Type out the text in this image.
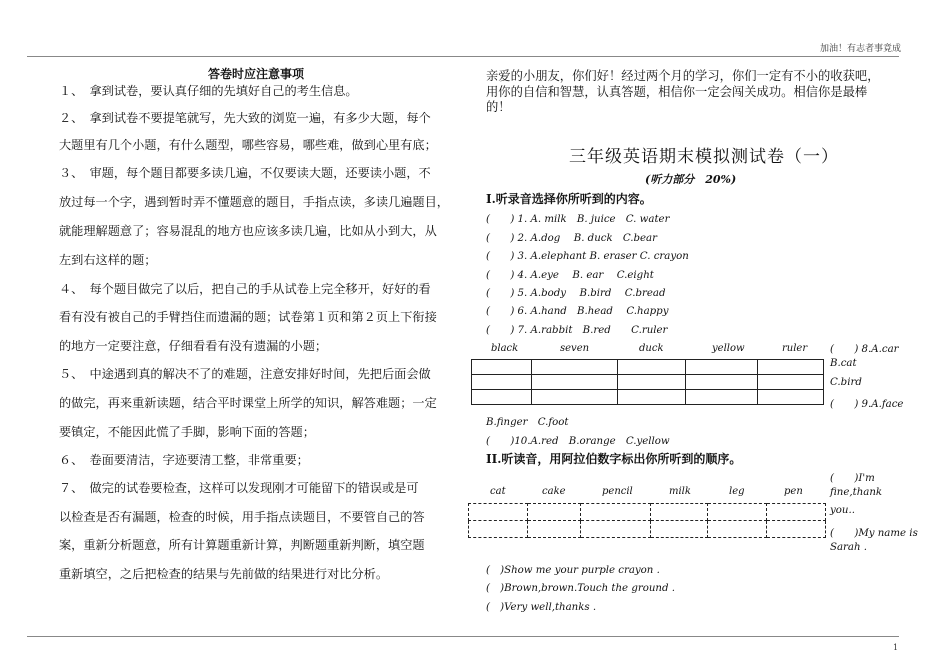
加油！有志者事竟成
1
答卷时应注意事项
１、　拿到试卷，要认真仔细的先填好自己的考生信息。
２、　拿到试卷不要提笔就写，先大致的浏览一遍，有多少大题，每个
大题里有几个小题，有什么题型，哪些容易，哪些难，做到心里有底；
３、　审题，每个题目都要多读几遍，不仅要读大题，还要读小题，不
放过每一个字，遇到暂时弄不懂题意的题目，手指点读，多读几遍题目，
就能理解题意了；容易混乱的地方也应该多读几遍，比如从小到大，从
左到右这样的题；
４、　每个题目做完了以后，把自己的手从试卷上完全移开，好好的看
看有没有被自己的手臂挡住而遗漏的题；试卷第１页和第２页上下衔接
的地方一定要注意，仔细看看有没有遗漏的小题；
５、　中途遇到真的解决不了的难题，注意安排好时间，先把后面会做
的做完，再来重新读题，结合平时课堂上所学的知识，解答难题；一定
要镇定，不能因此慌了手脚，影响下面的答题；
６、　卷面要清洁，字迹要清工整，非常重要；
７、　做完的试卷要检查，这样可以发现刚才可能留下的错误或是可
以检查是否有漏题，检查的时候，用手指点读题目，不要管自己的答
案，重新分析题意，所有计算题重新计算，判断题重新判断，填空题
重新填空，之后把检查的结果与先前做的结果进行对比分析。
亲爱的小朋友，你们好！经过两个月的学习，你们一定有不小的收获吧，
用你的自信和智慧，认真答题，相信你一定会闯关成功。相信你是最棒
的！
三年级英语期末模拟测试卷（一）
(听力部分　20%)
I.听录音选择你所听到的内容。
(　　) 1. A. milk　B. juice　C. water
(　　) 2. A.dog　 B. duck　C.bear
(　　) 3. A.elephant B. eraser C. crayon
(　　) 4. A.eye　 B. ear　 C.eight
(　　) 5. A.body　 B.bird　 C.bread
(　　) 6. A.hand　B.head　 C.happy
(　　) 7. A.rabbit　B.red　　C.ruler
black	seven	duck	yellow	ruler

				(　　) 8.A.car
B.cat
C.bird
(　　) 9.A.face
B.finger　C.foot
(　　)10.A.red　B.orange　C.yellow
II.听读音，用阿拉伯数字标出你所听到的顺序。
cat	cake	pencil	milk	leg	pen

(　　)I'm
fine,thank
you..
(　　)My name is
Sarah .
(　)Show me your purple crayon .
(　)Brown,brown.Touch the ground .
(　)Very well,thanks .
